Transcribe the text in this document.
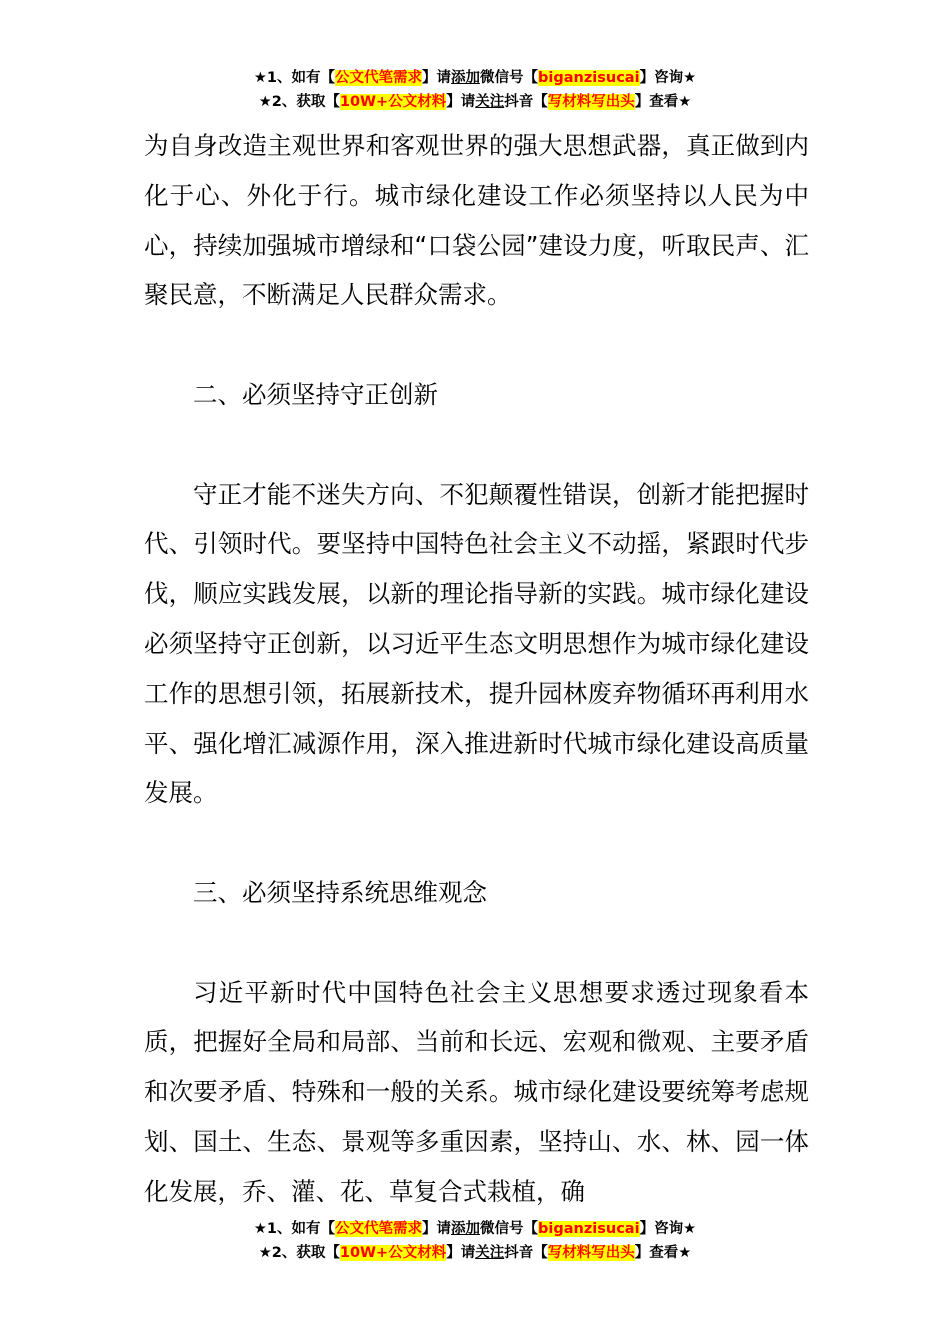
★1、如有【公文代笔需求】请添加微信号【biganzisucai】咨询★
★2、获取【10W+公文材料】请关注抖音【写材料写出头】查看★

为自身改造主观世界和客观世界的强大思想武器，真正做到内化于心、外化于行。城市绿化建设工作必须坚持以人民为中心，持续加强城市增绿和“口袋公园”建设力度，听取民声、汇聚民意，不断满足人民群众需求。

二、必须坚持守正创新

守正才能不迷失方向、不犯颠覆性错误，创新才能把握时代、引领时代。要坚持中国特色社会主义不动摇，紧跟时代步伐，顺应实践发展，以新的理论指导新的实践。城市绿化建设必须坚持守正创新，以习近平生态文明思想作为城市绿化建设工作的思想引领，拓展新技术，提升园林废弃物循环再利用水平、强化增汇减源作用，深入推进新时代城市绿化建设高质量发展。

三、必须坚持系统思维观念

习近平新时代中国特色社会主义思想要求透过现象看本质，把握好全局和局部、当前和长远、宏观和微观、主要矛盾和次要矛盾、特殊和一般的关系。城市绿化建设要统筹考虑规划、国土、生态、景观等多重因素，坚持山、水、林、园一体化发展，乔、灌、花、草复合式栽植，确

★1、如有【公文代笔需求】请添加微信号【biganzisucai】咨询★
★2、获取【10W+公文材料】请关注抖音【写材料写出头】查看★
